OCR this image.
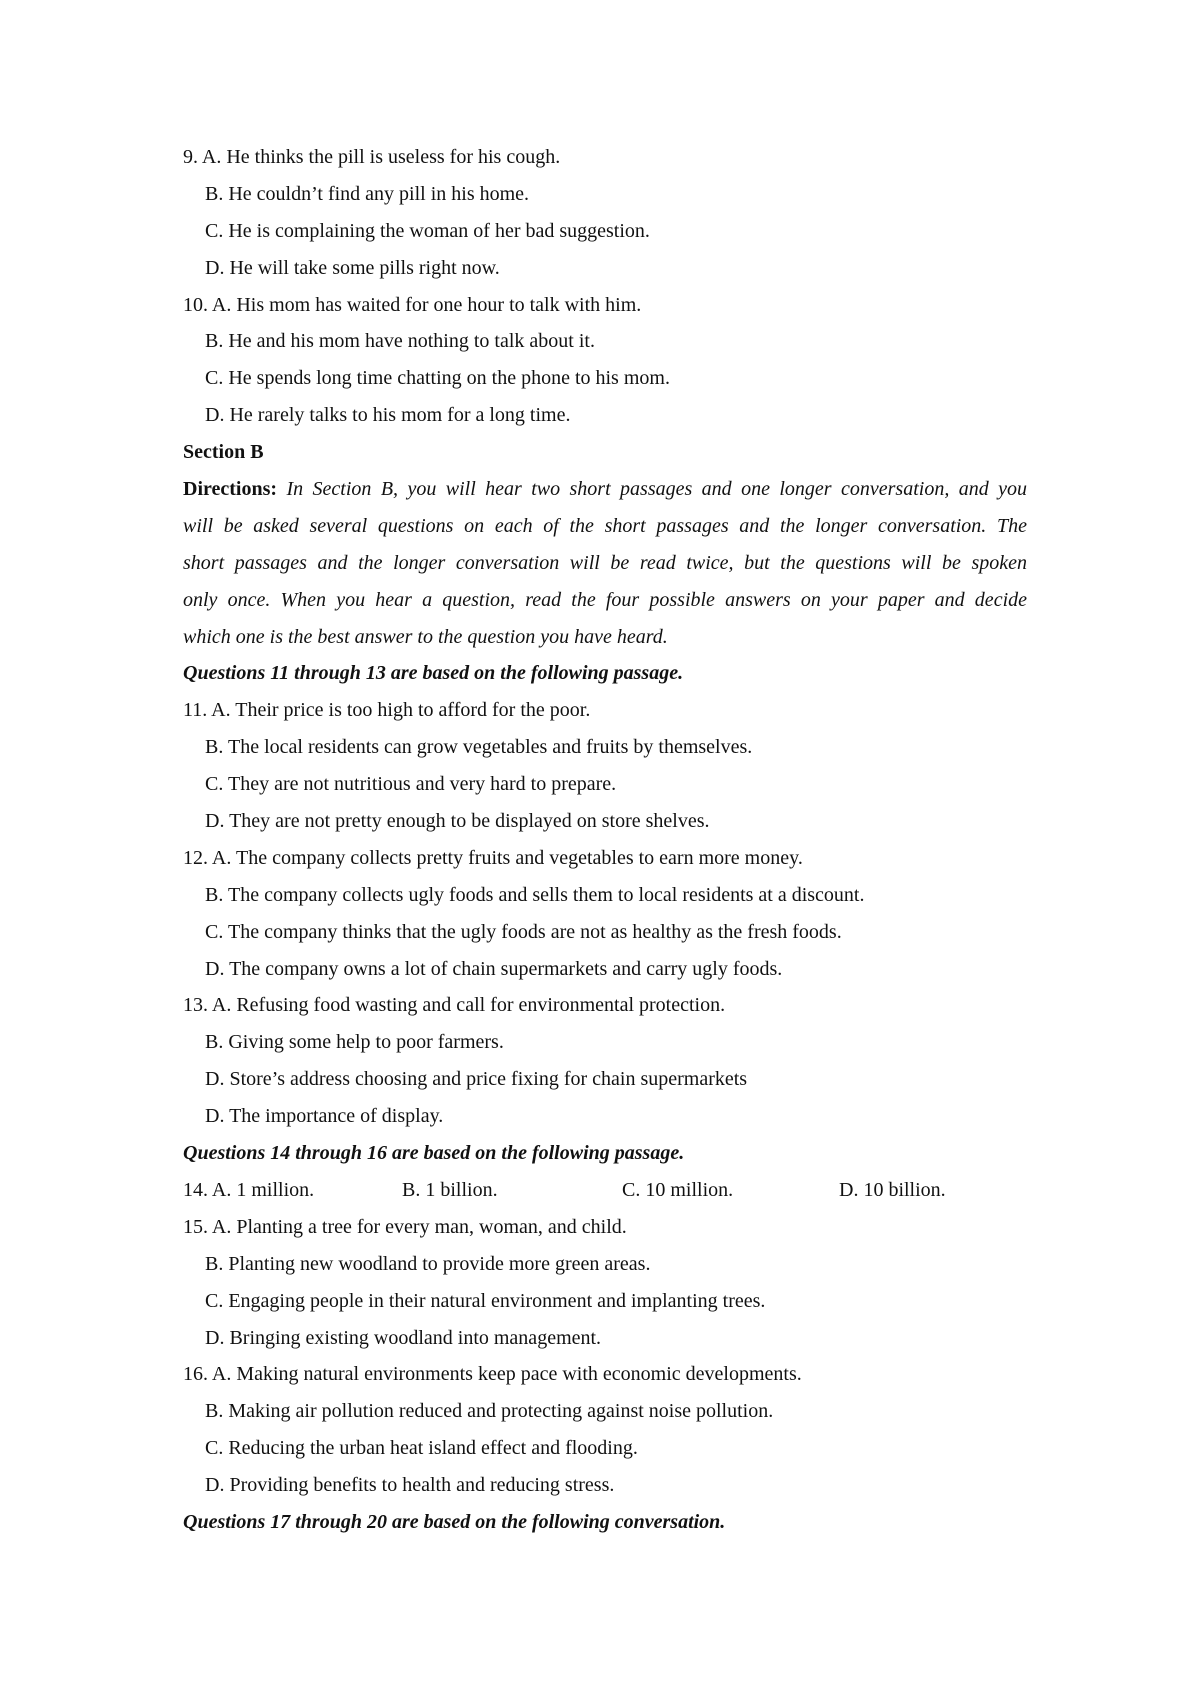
9. A. He thinks the pill is useless for his cough.
B. He couldn’t find any pill in his home.
C. He is complaining the woman of her bad suggestion.
D. He will take some pills right now.
10. A. His mom has waited for one hour to talk with him.
B. He and his mom have nothing to talk about it.
C. He spends long time chatting on the phone to his mom.
D. He rarely talks to his mom for a long time.
Section B
Directions: In Section B, you will hear two short passages and one longer conversation, and you
will be asked several questions on each of the short passages and the longer conversation. The
short passages and the longer conversation will be read twice, but the questions will be spoken
only once. When you hear a question, read the four possible answers on your paper and decide
which one is the best answer to the question you have heard.
Questions 11 through 13 are based on the following passage.
11. A. Their price is too high to afford for the poor.
B. The local residents can grow vegetables and fruits by themselves.
C. They are not nutritious and very hard to prepare.
D. They are not pretty enough to be displayed on store shelves.
12. A. The company collects pretty fruits and vegetables to earn more money.
B. The company collects ugly foods and sells them to local residents at a discount.
C. The company thinks that the ugly foods are not as healthy as the fresh foods.
D. The company owns a lot of chain supermarkets and carry ugly foods.
13. A. Refusing food wasting and call for environmental protection.
B. Giving some help to poor farmers.
D. Store’s address choosing and price fixing for chain supermarkets
D. The importance of display.
Questions 14 through 16 are based on the following passage.
14. A. 1 million.	B. 1 billion.	C. 10 million.	D. 10 billion.
15. A. Planting a tree for every man, woman, and child.
B. Planting new woodland to provide more green areas.
C. Engaging people in their natural environment and implanting trees.
D. Bringing existing woodland into management.
16. A. Making natural environments keep pace with economic developments.
B. Making air pollution reduced and protecting against noise pollution.
C. Reducing the urban heat island effect and flooding.
D. Providing benefits to health and reducing stress.
Questions 17 through 20 are based on the following conversation.
